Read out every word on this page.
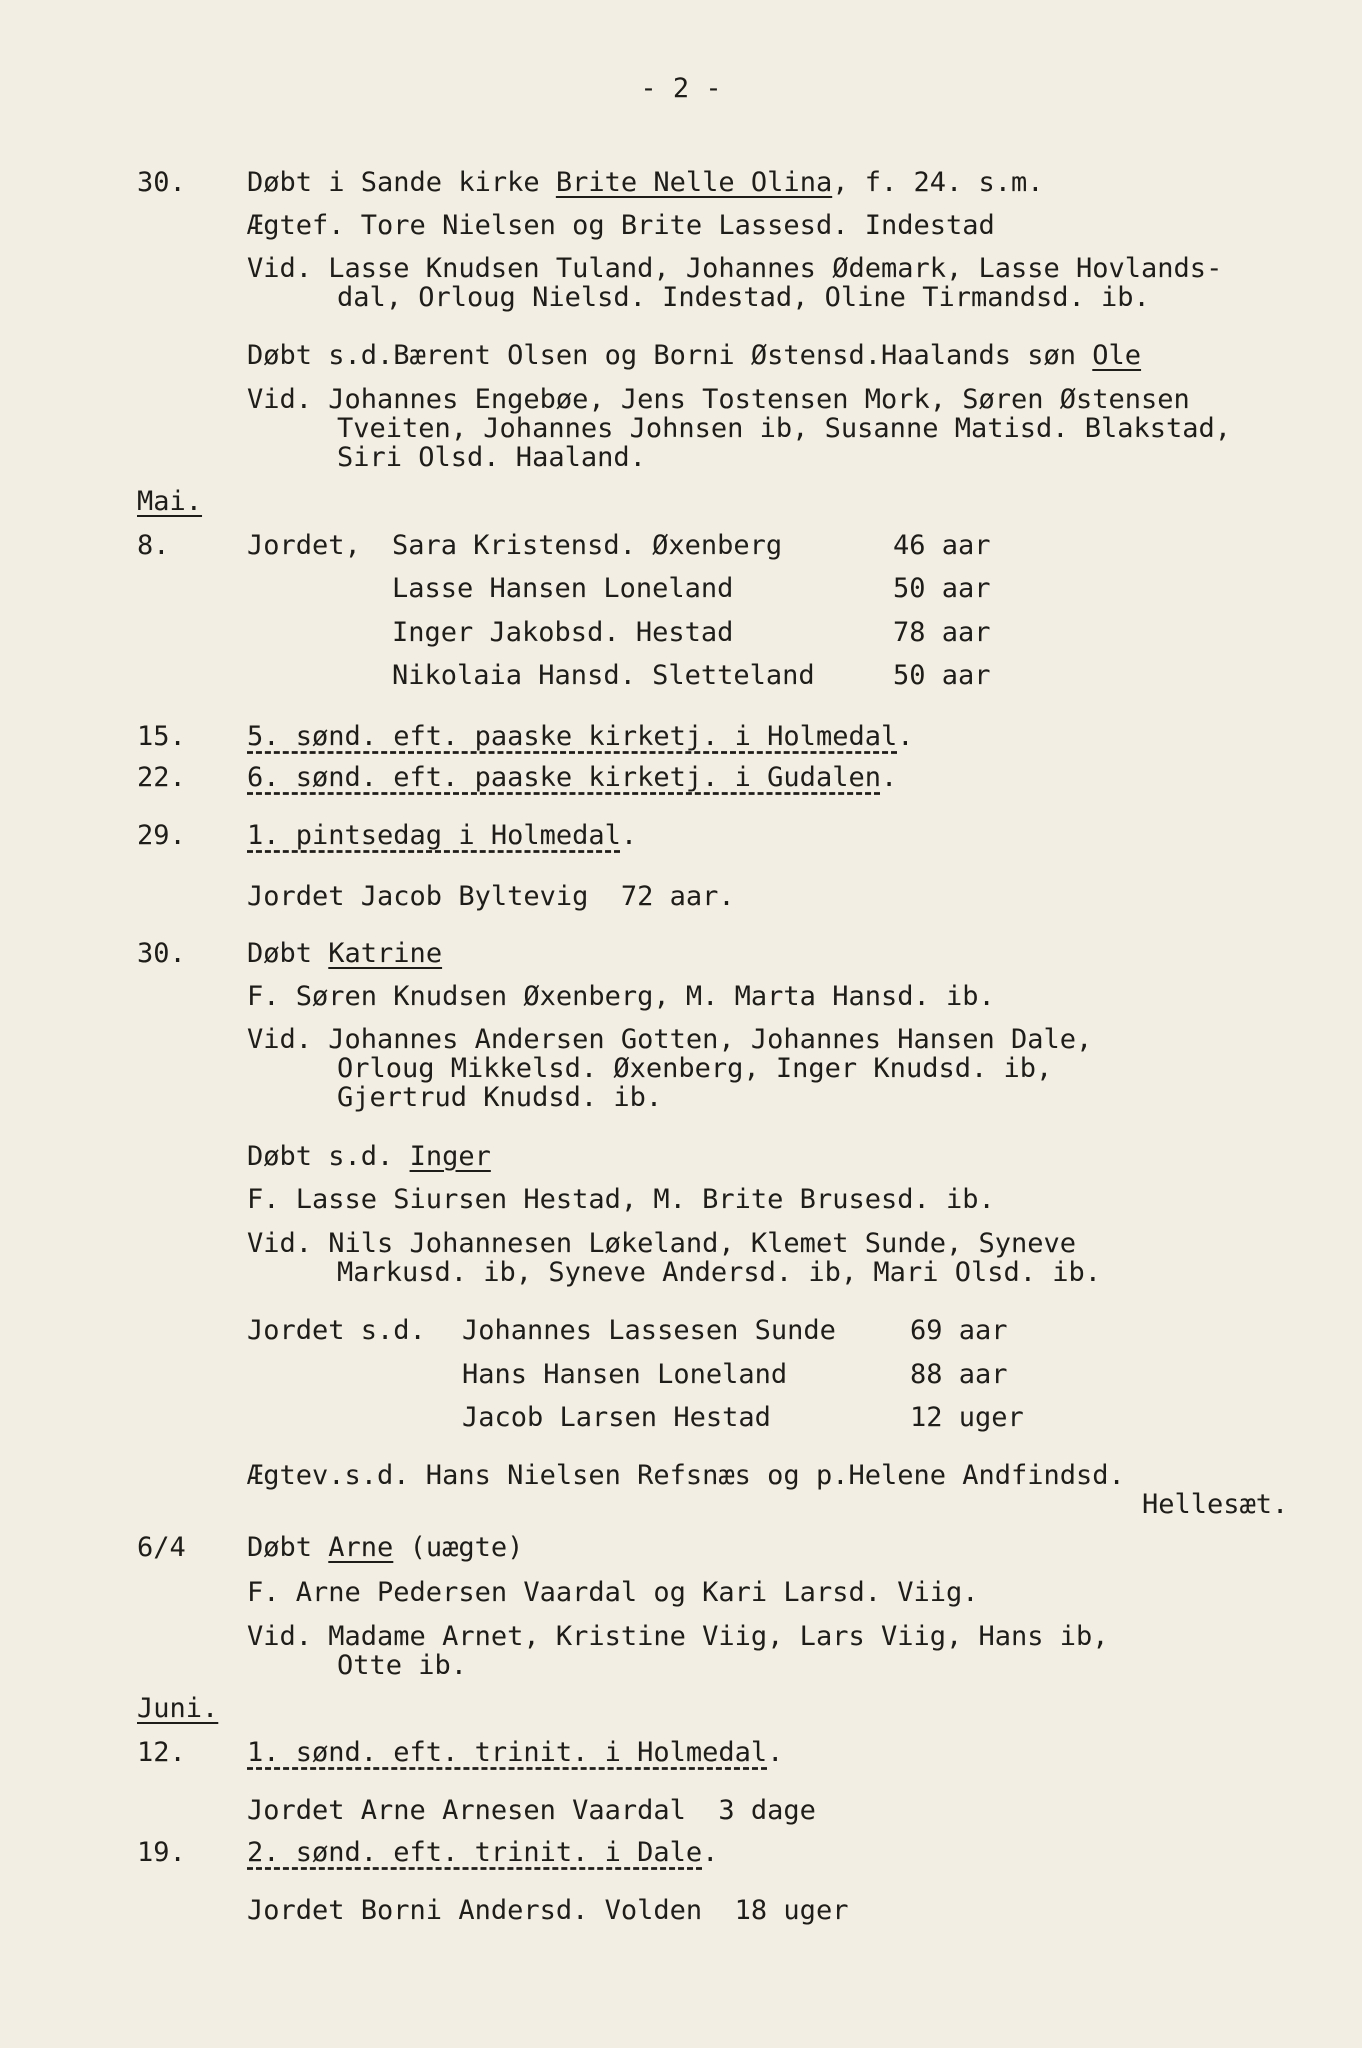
- 2 -
30. Døbt i Sande kirke Brite Nelle Olina, f. 24. s.m.
Ægtef. Tore Nielsen og Brite Lassesd. Indestad
Vid. Lasse Knudsen Tuland, Johannes Ødemark, Lasse Hovlands-
dal, Orloug Nielsd. Indestad, Oline Tirmandsd. ib.
Døbt s.d.Bærent Olsen og Borni Østensd.Haalands søn Ole
Vid. Johannes Engebøe, Jens Tostensen Mork, Søren Østensen
Tveiten, Johannes Johnsen ib, Susanne Matisd. Blakstad,
Siri Olsd. Haaland.
Mai.
8.	Jordet, Sara Kristensd. Øxenberg	46 aar
Lasse Hansen Loneland	50 aar
Inger Jakobsd. Hestad	78 aar
Nikolaia Hansd. Sletteland	50 aar
15. 5. sønd. eft. paaske kirketj. i Holmedal.
22. 6. sønd. eft. paaske kirketj. i Gudalen.
29. 1. pintsedag i Holmedal.
Jordet Jacob Byltevig  72 aar.
30. Døbt Katrine
F. Søren Knudsen Øxenberg, M. Marta Hansd. ib.
Vid. Johannes Andersen Gotten, Johannes Hansen Dale,
Orloug Mikkelsd. Øxenberg, Inger Knudsd. ib,
Gjertrud Knudsd. ib.
Døbt s.d. Inger
F. Lasse Siursen Hestad, M. Brite Brusesd. ib.
Vid. Nils Johannesen Løkeland, Klemet Sunde, Syneve
Markusd. ib, Syneve Andersd. ib, Mari Olsd. ib.
Jordet s.d. Johannes Lassesen Sunde	69 aar
Hans Hansen Loneland	88 aar
Jacob Larsen Hestad	12 uger
Ægtev.s.d. Hans Nielsen Refsnæs og p.Helene Andfindsd.
Hellesæt.
6/4 Døbt Arne (uægte)
F. Arne Pedersen Vaardal og Kari Larsd. Viig.
Vid. Madame Arnet, Kristine Viig, Lars Viig, Hans ib,
Otte ib.
Juni.
12. 1. sønd. eft. trinit. i Holmedal.
Jordet Arne Arnesen Vaardal  3 dage
19. 2. sønd. eft. trinit. i Dale.
Jordet Borni Andersd. Volden  18 uger
